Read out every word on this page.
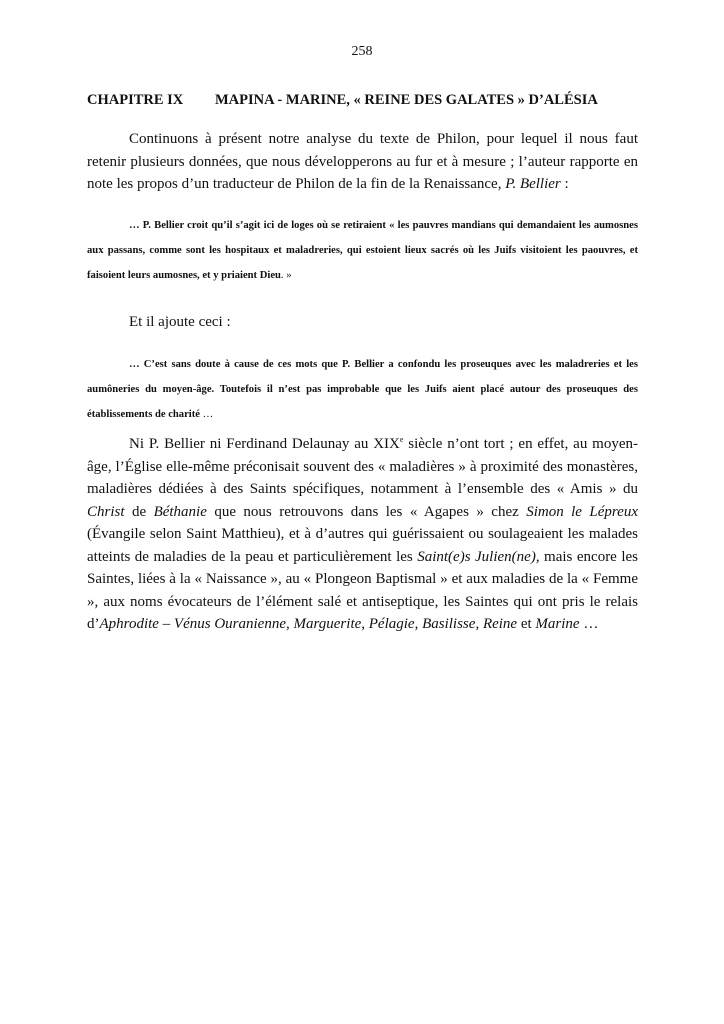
258
CHAPITRE IX MAPINA - MARINE, « REINE DES GALATES » D’ALÉSIA

Continuons à présent notre analyse du texte de Philon, pour lequel il nous faut retenir plusieurs données, que nous développerons au fur et à mesure ; l’auteur rapporte en note les propos d’un traducteur de Philon de la fin de la Renaissance, P. Bellier :

… P. Bellier croit qu’il s’agit ici de loges où se retiraient « les pauvres mandians qui demandaient les aumosnes aux passans, comme sont les hospitaux et maladreries, qui estoient lieux sacrés où les Juifs visitoient les paouvres, et faisoient leurs aumosnes, et y priaient Dieu. »

Et il ajoute ceci :

… C’est sans doute à cause de ces mots que P. Bellier a confondu les proseuques avec les maladreries et les aumôneries du moyen-âge. Toutefois il n’est pas improbable que les Juifs aient placé autour des proseuques des établissements de charité …

Ni P. Bellier ni Ferdinand Delaunay au XIXe siècle n’ont tort ; en effet, au moyen-âge, l’Église elle-même préconisait souvent des « maladières » à proximité des monastères, maladières dédiées à des Saints spécifiques, notamment à l’ensemble des « Amis » du Christ de Béthanie que nous retrouvons dans les « Agapes » chez Simon le Lépreux (Évangile selon Saint Matthieu), et à d’autres qui guérissaient ou soulageaient les malades atteints de maladies de la peau et particulièrement les Saint(e)s Julien(ne), mais encore les Saintes, liées à la « Naissance », au « Plongeon Baptismal » et aux maladies de la « Femme », aux noms évocateurs de l’élément salé et antiseptique, les Saintes qui ont pris le relais d’Aphrodite – Vénus Ouranienne, Marguerite, Pélagie, Basilisse, Reine et Marine …
